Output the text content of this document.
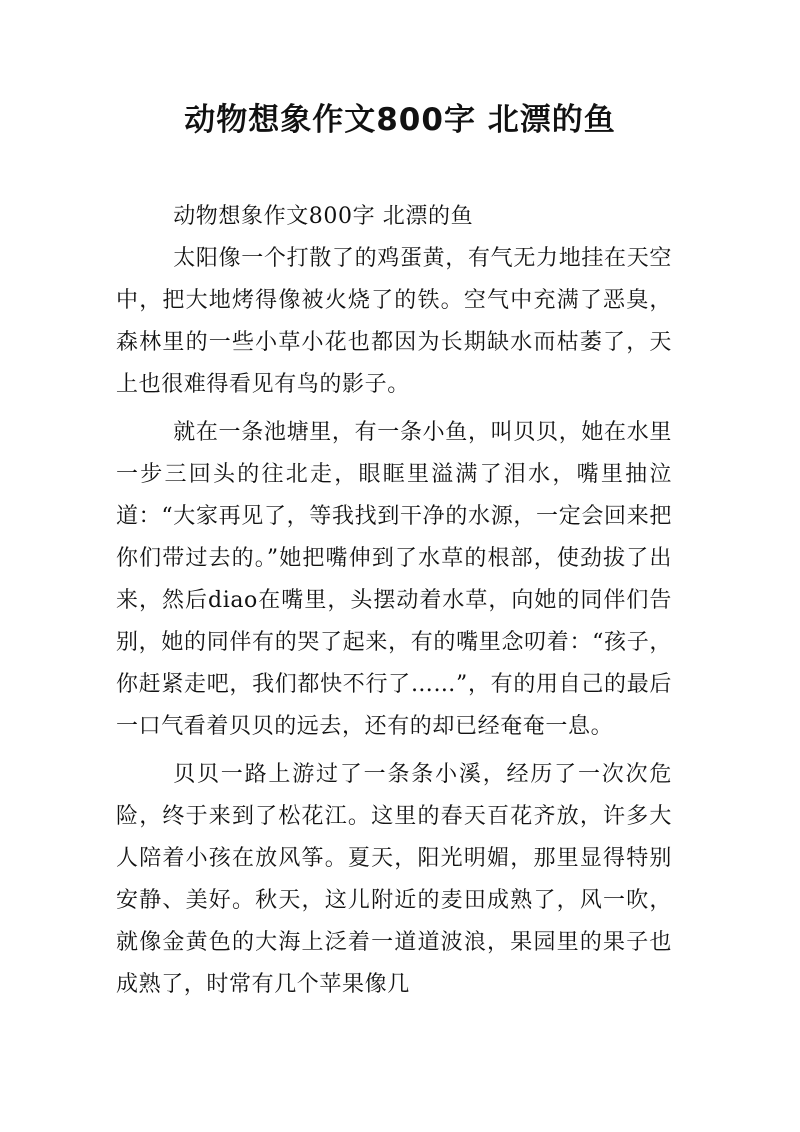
动物想象作文800字 北漂的鱼

动物想象作文800字 北漂的鱼

太阳像一个打散了的鸡蛋黄，有气无力地挂在天空中，把大地烤得像被火烧了的铁。空气中充满了恶臭，森林里的一些小草小花也都因为长期缺水而枯萎了，天上也很难得看见有鸟的影子。

就在一条池塘里，有一条小鱼，叫贝贝，她在水里一步三回头的往北走，眼眶里溢满了泪水，嘴里抽泣道：“大家再见了，等我找到干净的水源，一定会回来把你们带过去的。”她把嘴伸到了水草的根部，使劲拔了出来，然后diao在嘴里，头摆动着水草，向她的同伴们告别，她的同伴有的哭了起来，有的嘴里念叨着：“孩子，你赶紧走吧，我们都快不行了……”，有的用自己的最后一口气看着贝贝的远去，还有的却已经奄奄一息。

贝贝一路上游过了一条条小溪，经历了一次次危险，终于来到了松花江。这里的春天百花齐放，许多大人陪着小孩在放风筝。夏天，阳光明媚，那里显得特别安静、美好。秋天，这儿附近的麦田成熟了，风一吹，就像金黄色的大海上泛着一道道波浪，果园里的果子也成熟了，时常有几个苹果像几
